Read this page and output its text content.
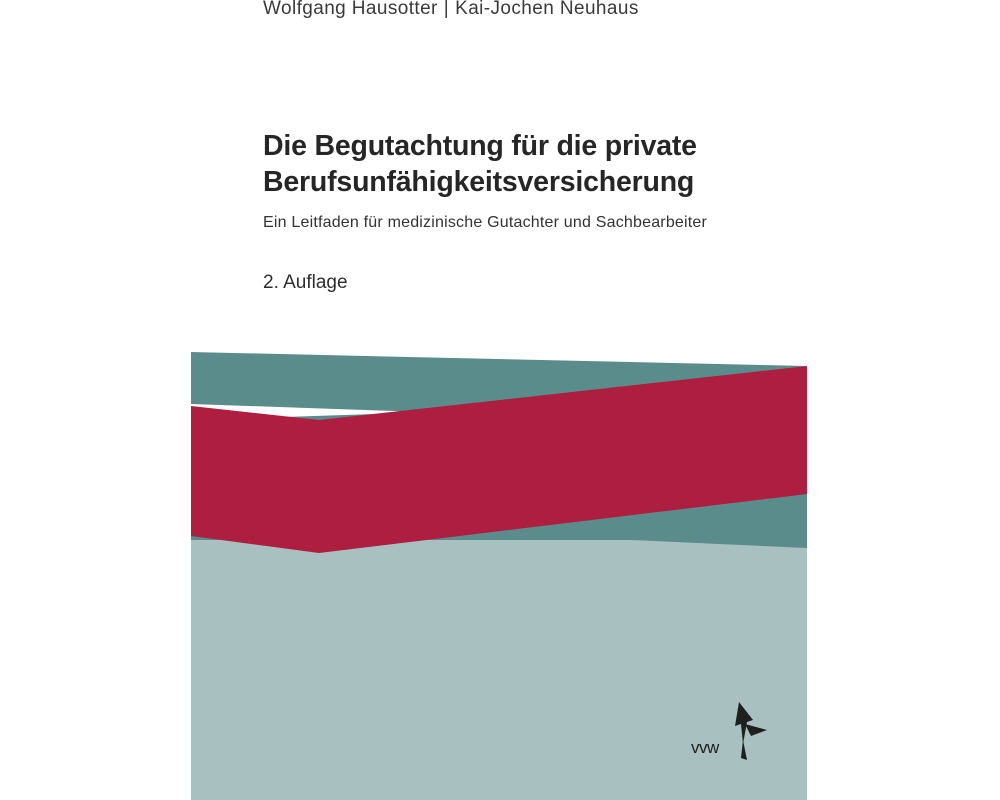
Wolfgang Hausotter | Kai-Jochen Neuhaus
Die Begutachtung für die private
Berufsunfähigkeitsversicherung
Ein Leitfaden für medizinische Gutachter und Sachbearbeiter
2. Auflage
vvw
